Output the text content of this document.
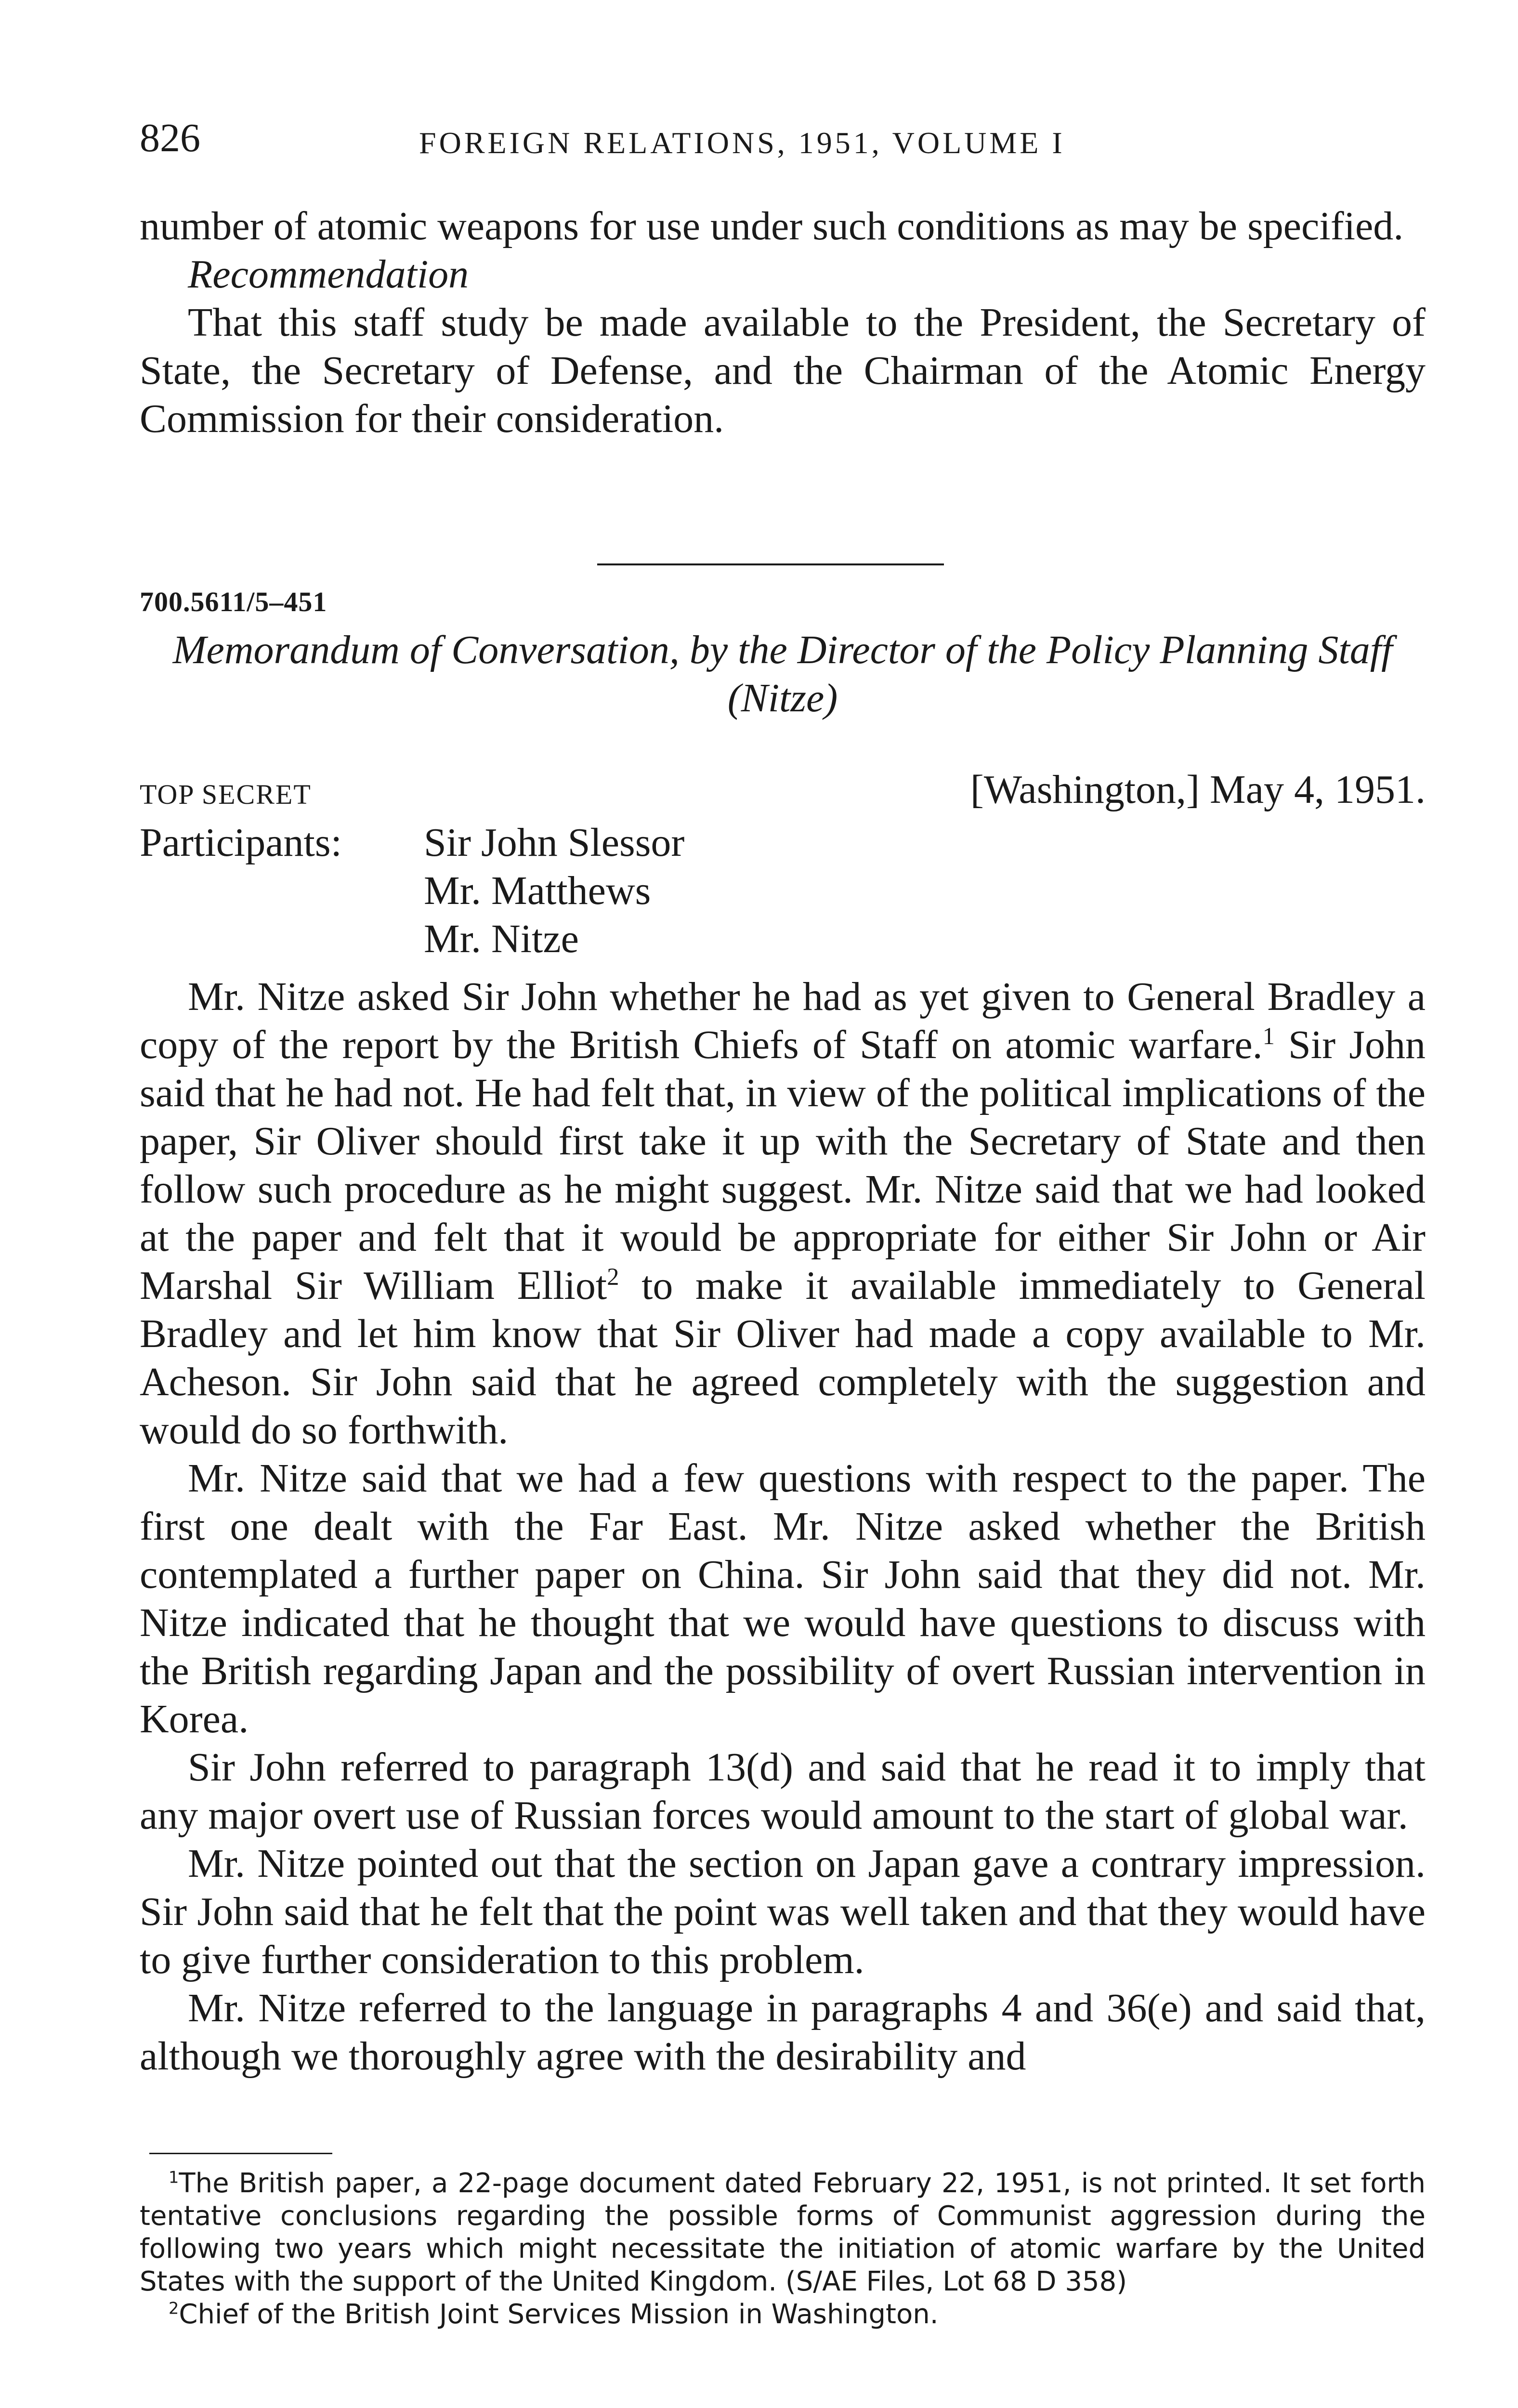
826	FOREIGN RELATIONS, 1951, VOLUME I

number of atomic weapons for use under such conditions as may be specified.

Recommendation

That this staff study be made available to the President, the Secretary of State, the Secretary of Defense, and the Chairman of the Atomic Energy Commission for their consideration.

700.5611/5–451
Memorandum of Conversation, by the Director of the Policy Planning Staff (Nitze)
TOP SECRET	[Washington,] May 4, 1951.
Participants: Sir John Slessor
Mr. Matthews
Mr. Nitze

Mr. Nitze asked Sir John whether he had as yet given to General Bradley a copy of the report by the British Chiefs of Staff on atomic warfare.$^1$ Sir John said that he had not. He had felt that, in view of the political implications of the paper, Sir Oliver should first take it up with the Secretary of State and then follow such procedure as he might suggest. Mr. Nitze said that we had looked at the paper and felt that it would be appropriate for either Sir John or Air Marshal Sir William Elliot$^2$ to make it available immediately to General Bradley and let him know that Sir Oliver had made a copy available to Mr. Acheson. Sir John said that he agreed completely with the suggestion and would do so forthwith.

Mr. Nitze said that we had a few questions with respect to the paper. The first one dealt with the Far East. Mr. Nitze asked whether the British contemplated a further paper on China. Sir John said that they did not. Mr. Nitze indicated that he thought that we would have questions to discuss with the British regarding Japan and the possibility of overt Russian intervention in Korea.

Sir John referred to paragraph 13(d) and said that he read it to imply that any major overt use of Russian forces would amount to the start of global war.

Mr. Nitze pointed out that the section on Japan gave a contrary impression. Sir John said that he felt that the point was well taken and that they would have to give further consideration to this problem.

Mr. Nitze referred to the language in paragraphs 4 and 36(e) and said that, although we thoroughly agree with the desirability and

$^1$The British paper, a 22-page document dated February 22, 1951, is not printed. It set forth tentative conclusions regarding the possible forms of Communist aggression during the following two years which might necessitate the initiation of atomic warfare by the United States with the support of the United Kingdom. (S/AE Files, Lot 68 D 358)

$^2$Chief of the British Joint Services Mission in Washington.
